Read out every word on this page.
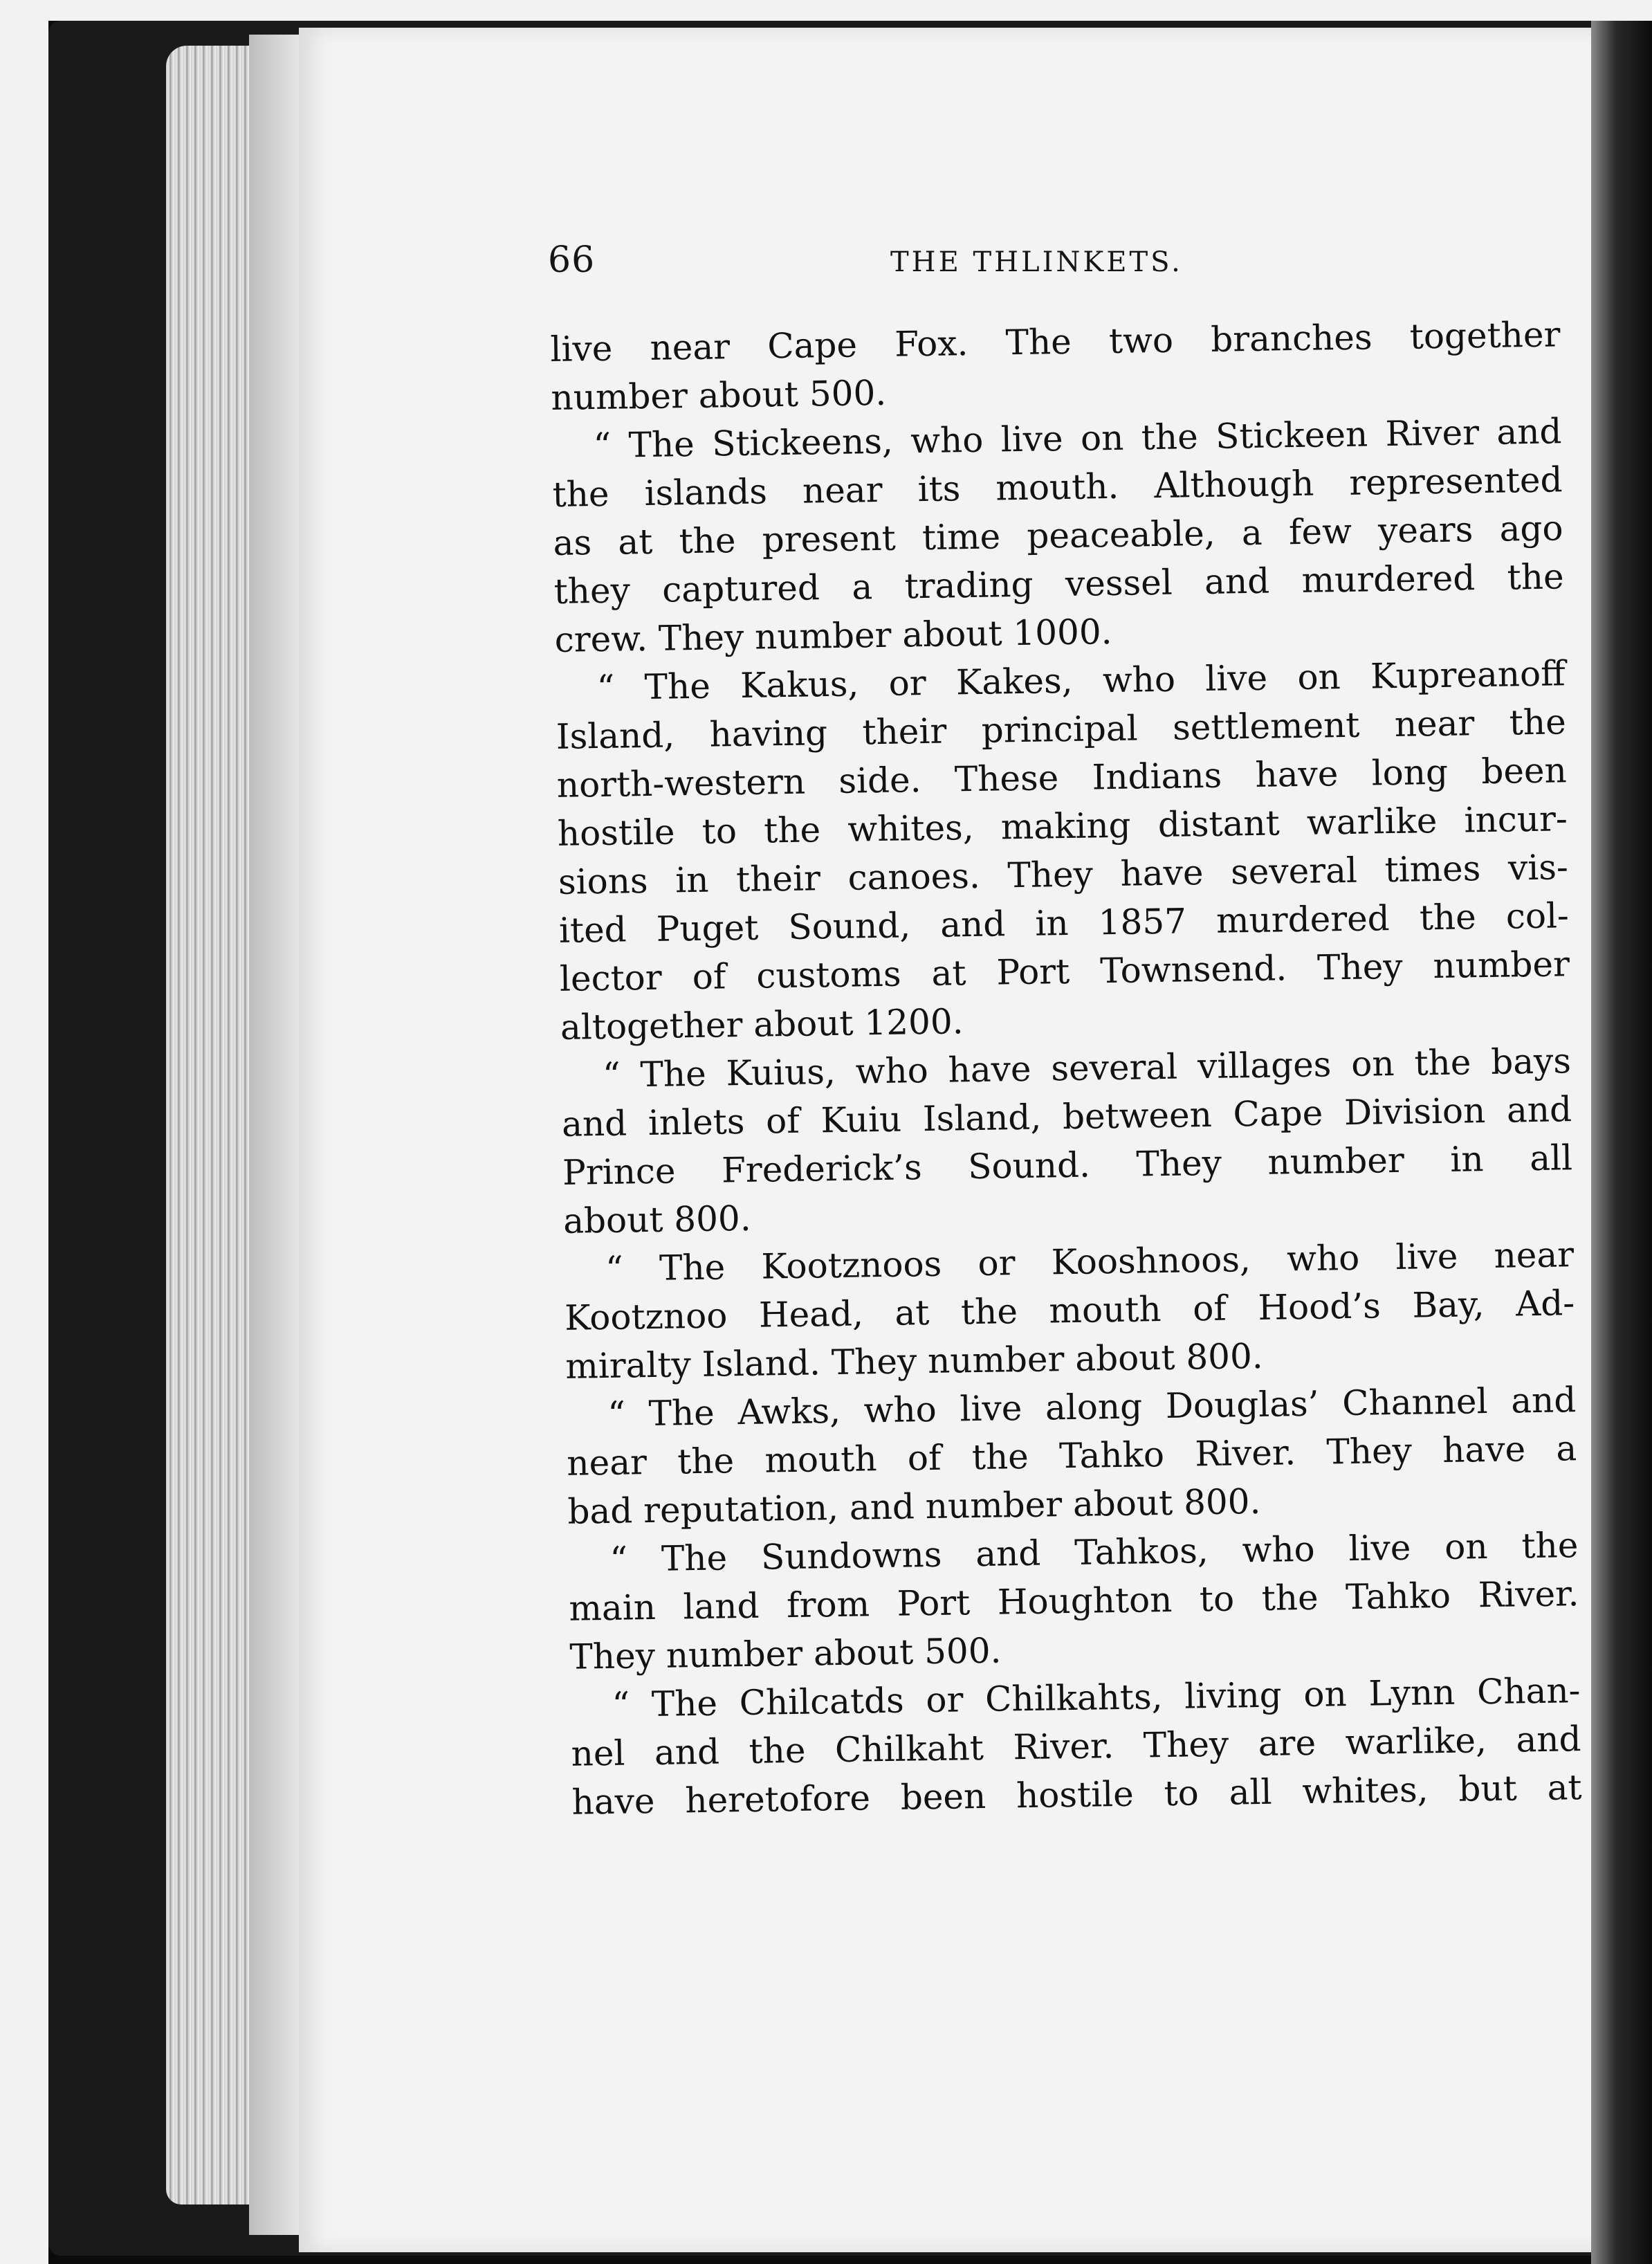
66	THE THLINKETS.
live near Cape Fox. The two branches together
number about 500.
“ The Stickeens, who live on the Stickeen River and
the islands near its mouth. Although represented
as at the present time peaceable, a few years ago
they captured a trading vessel and murdered the
crew. They number about 1000.
“ The Kakus, or Kakes, who live on Kupreanoff
Island, having their principal settlement near the
north-western side. These Indians have long been
hostile to the whites, making distant warlike incur-
sions in their canoes. They have several times vis-
ited Puget Sound, and in 1857 murdered the col-
lector of customs at Port Townsend. They number
altogether about 1200.
“ The Kuius, who have several villages on the bays
and inlets of Kuiu Island, between Cape Division and
Prince Frederick’s Sound. They number in all
about 800.
“ The Kootznoos or Kooshnoos, who live near
Kootznoo Head, at the mouth of Hood’s Bay, Ad-
miralty Island. They number about 800.
“ The Awks, who live along Douglas’ Channel and
near the mouth of the Tahko River. They have a
bad reputation, and number about 800.
“ The Sundowns and Tahkos, who live on the
main land from Port Houghton to the Tahko River.
They number about 500.
“ The Chilcatds or Chilkahts, living on Lynn Chan-
nel and the Chilkaht River. They are warlike, and
have heretofore been hostile to all whites, but at
